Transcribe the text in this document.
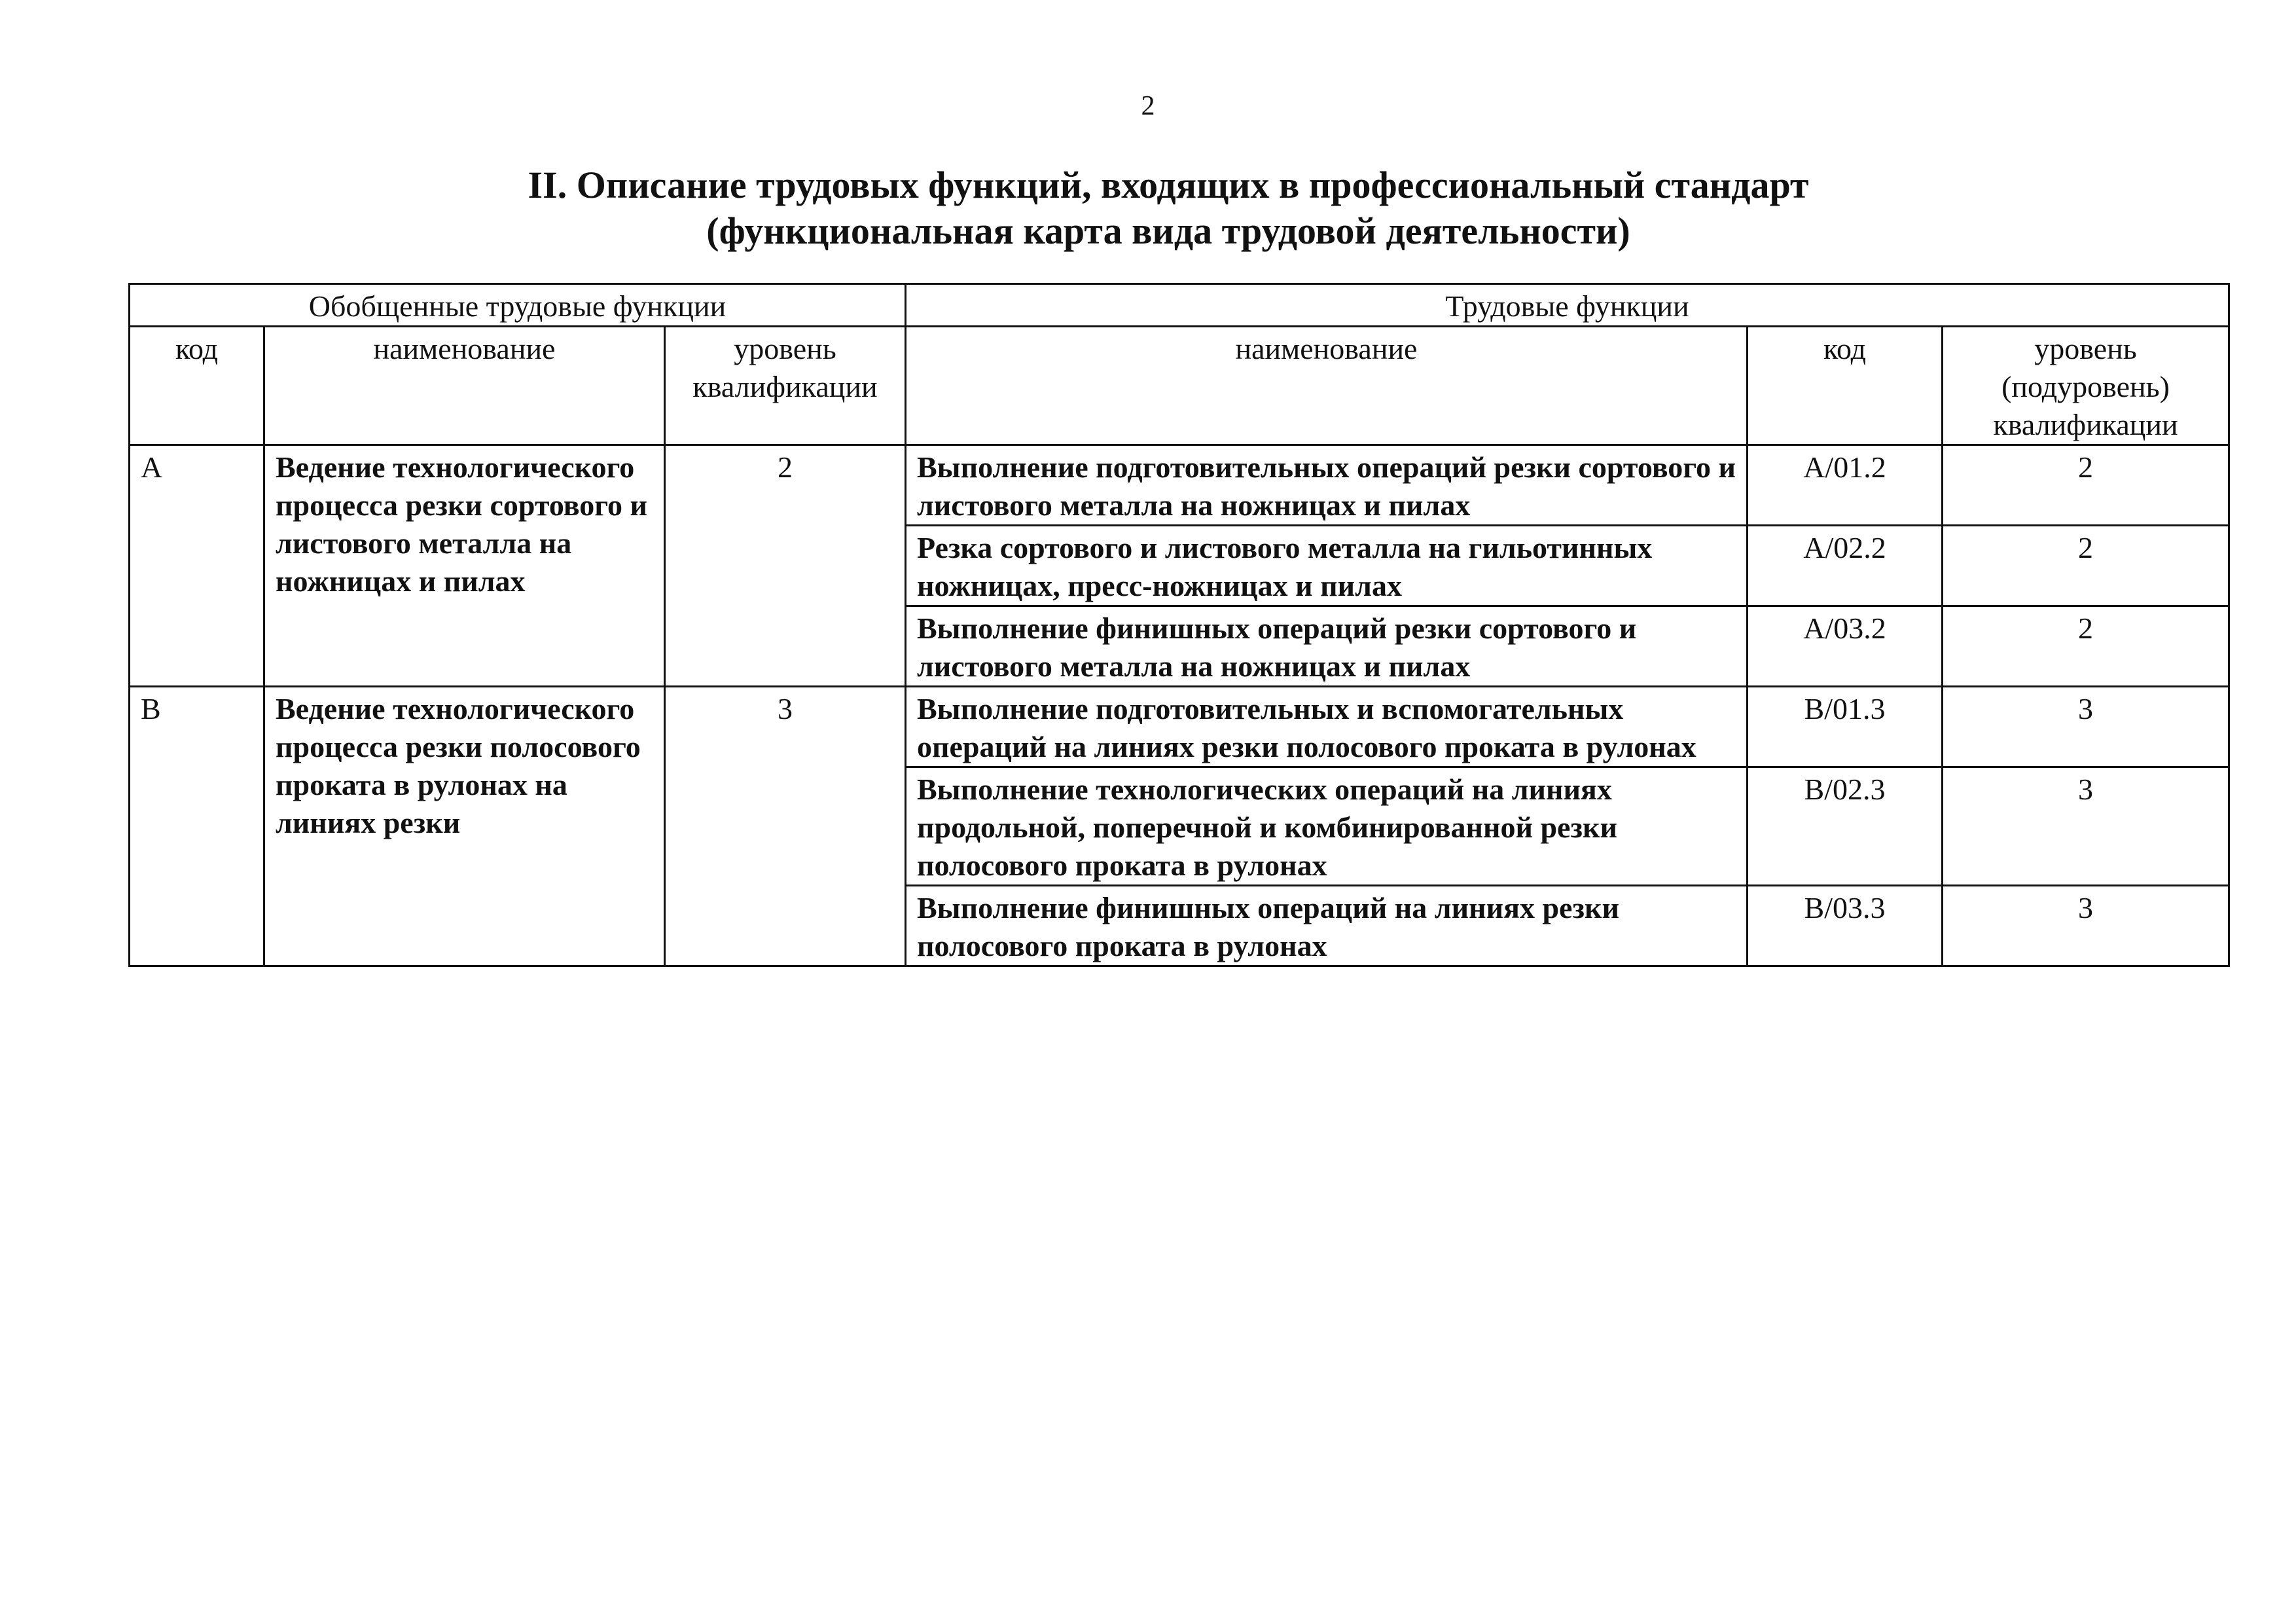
2
II. Описание трудовых функций, входящих в профессиональный стандарт
(функциональная карта вида трудовой деятельности)
Обобщенные трудовые функции			Трудовые функции		
код	наименование	уровень квалификации	наименование	код	уровень (подуровень) квалификации
A	Ведение технологического процесса резки сортового и листового металла на ножницах и пилах	2	Выполнение подготовительных операций резки сортового и листового металла на ножницах и пилах	A/01.2	2
			Резка сортового и листового металла на гильотинных ножницах, пресс-ножницах и пилах	A/02.2	2
			Выполнение финишных операций резки сортового и листового металла на ножницах и пилах	A/03.2	2
B	Ведение технологического процесса резки полосового проката в рулонах на линиях резки	3	Выполнение подготовительных и вспомогательных операций на линиях резки полосового проката в рулонах	B/01.3	3
			Выполнение технологических операций на линиях продольной, поперечной и комбинированной резки полосового проката в рулонах	B/02.3	3
			Выполнение финишных операций на линиях резки полосового проката в рулонах	B/03.3	3
